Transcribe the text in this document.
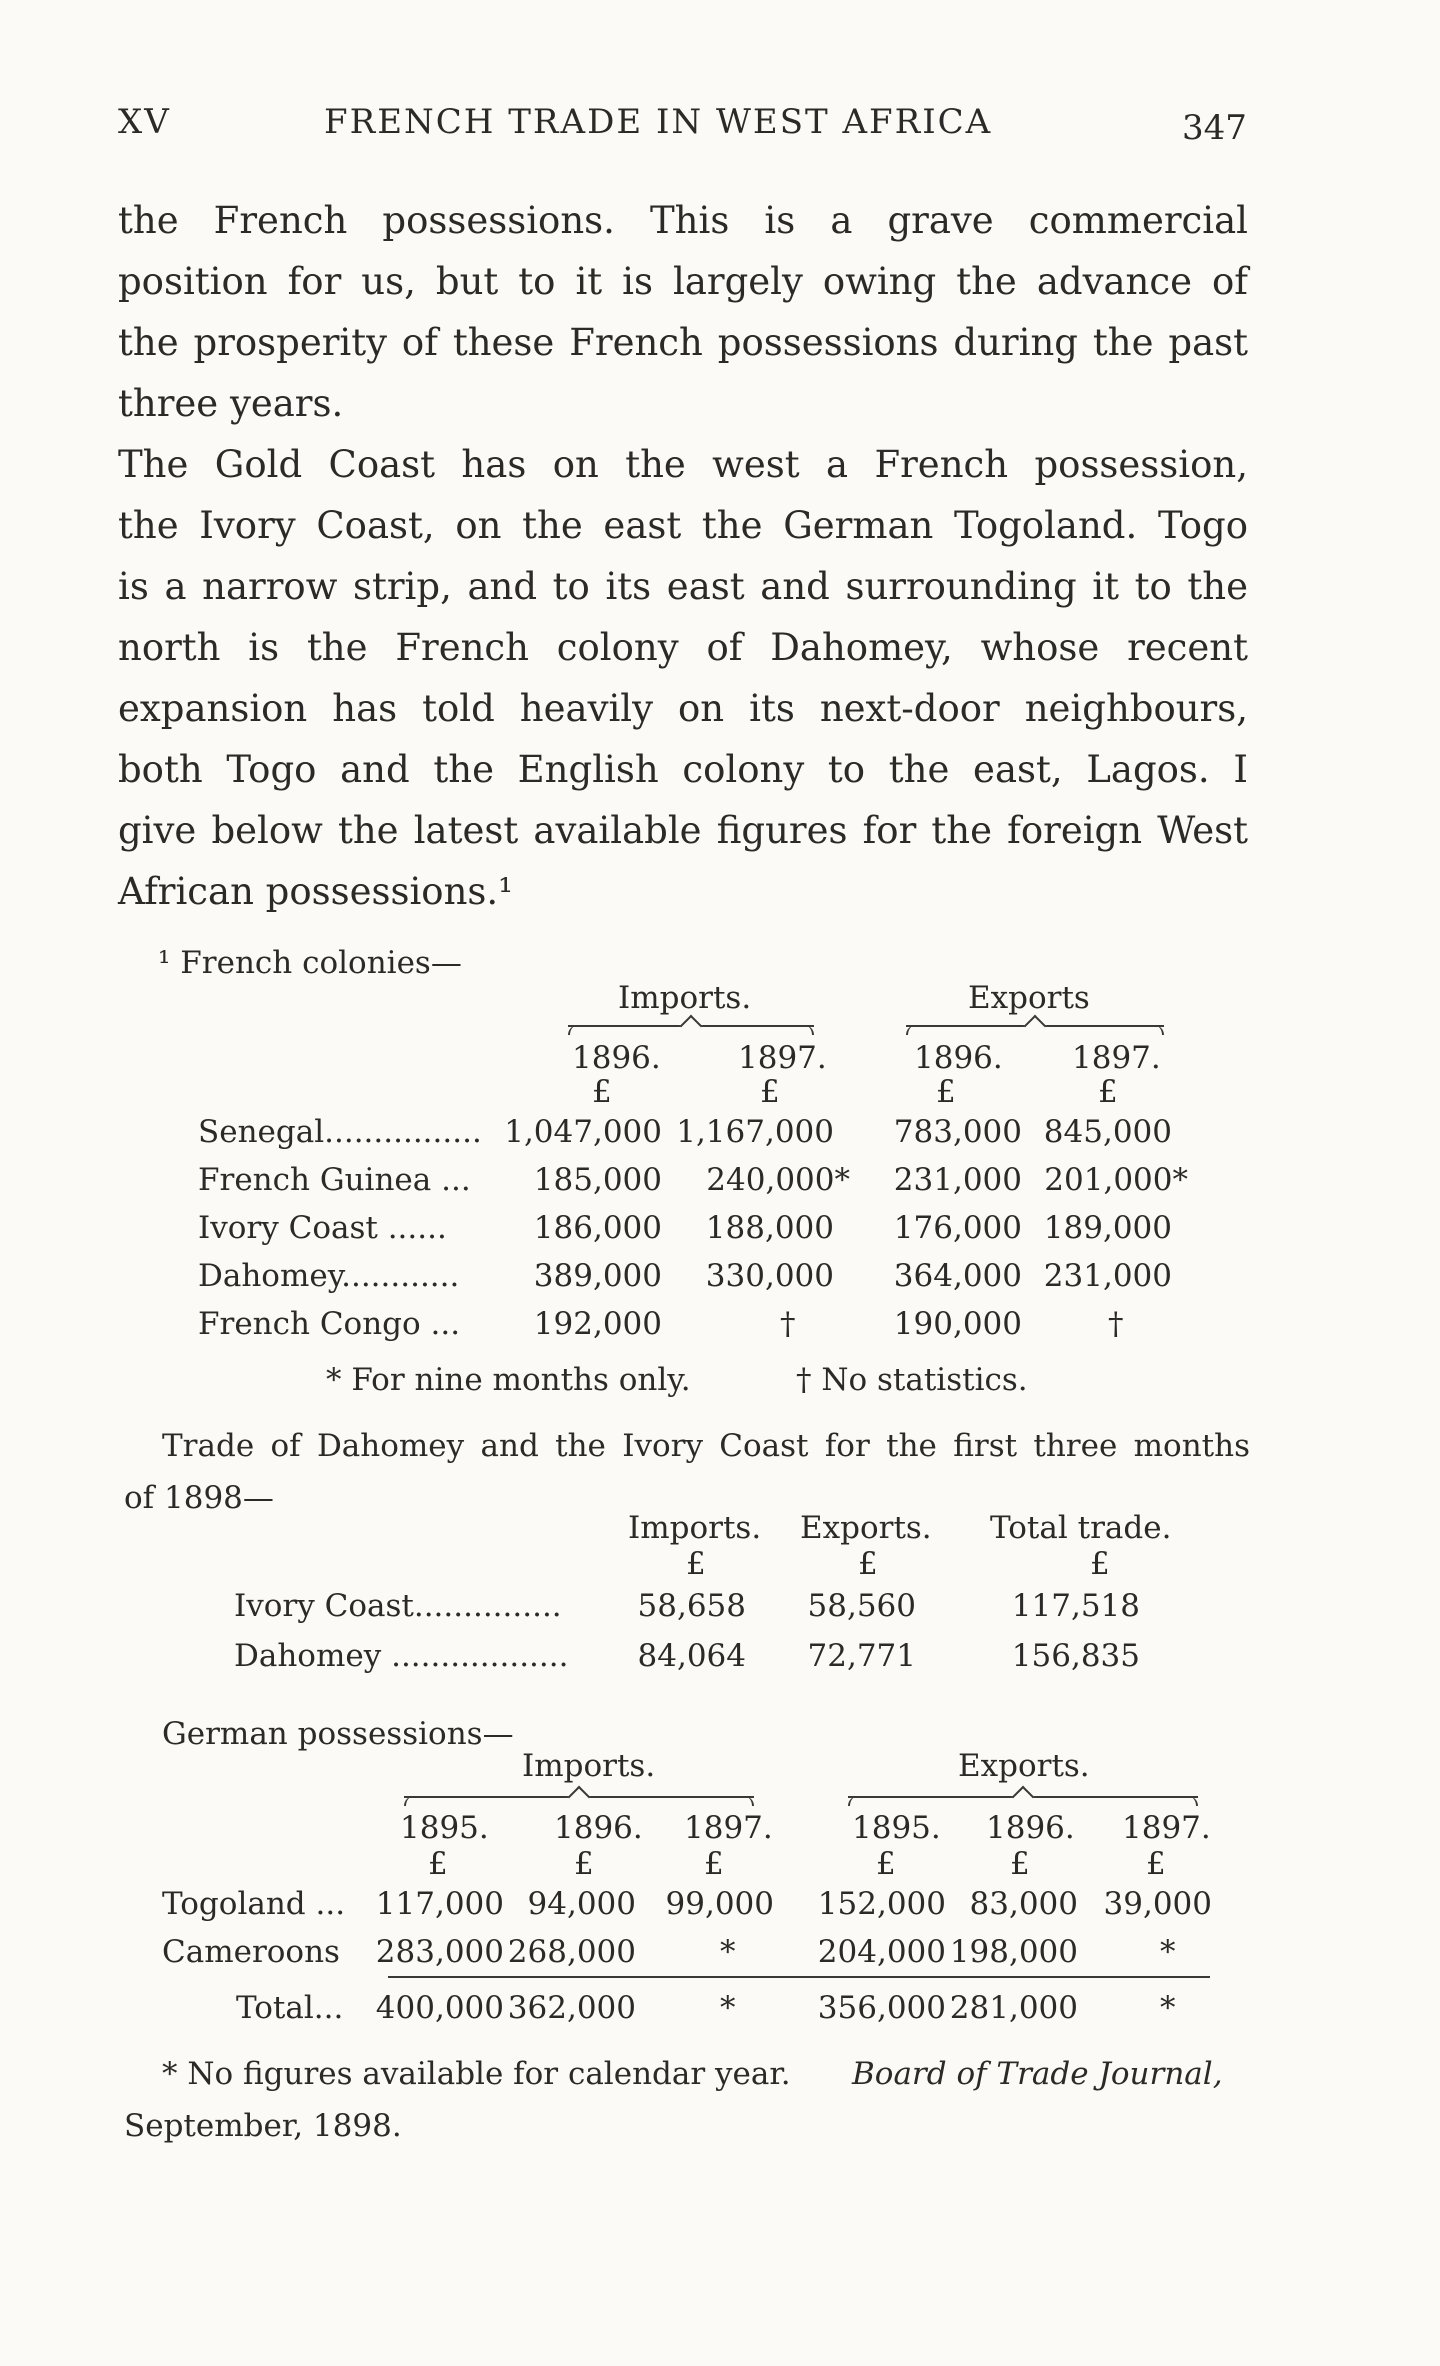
XV	FRENCH TRADE IN WEST AFRICA	347
the French possessions. This is a grave commercial
position for us, but to it is largely owing the advance of
the prosperity of these French possessions during the past
three years.
The Gold Coast has on the west a French possession,
the Ivory Coast, on the east the German Togoland. Togo
is a narrow strip, and to its east and surrounding it to the
north is the French colony of Dahomey, whose recent
expansion has told heavily on its next-door neighbours,
both Togo and the English colony to the east, Lagos. I
give below the latest available figures for the foreign West
African possessions.¹
¹ French colonies—
Imports.	Exports
1896. 1897.	1896. 1897.
£	£	£	£
Senegal................ 1,047,000 1,167,000 783,000 845,000
French Guinea ... 185,000 240,000* 231,000 201,000*
Ivory Coast ......	186,000 188,000 176,000 189,000
Dahomey............ 389,000 330,000 364,000 231,000
French Congo ... 192,000	†	190,000	†
* For nine months only.	† No statistics.
Trade of Dahomey and the Ivory Coast for the first three months
of 1898—
Imports. Exports. Total trade.
£	£	£
Ivory Coast............... 58,658 58,560	117,518
Dahomey .................. 84,064 72,771	156,835
German possessions—
Imports.	Exports.
1895. 1896. 1897.	1895. 1896. 1897.
£	£	£	£	£	£
Togoland ... 117,000 94,000 99,000 152,000 83,000 39,000
Cameroons 283,000 268,000	*	204,000 198,000	*
Total... 400,000 362,000	*	356,000 281,000	*
* No figures available for calendar year. Board of Trade Journal,
September, 1898.
